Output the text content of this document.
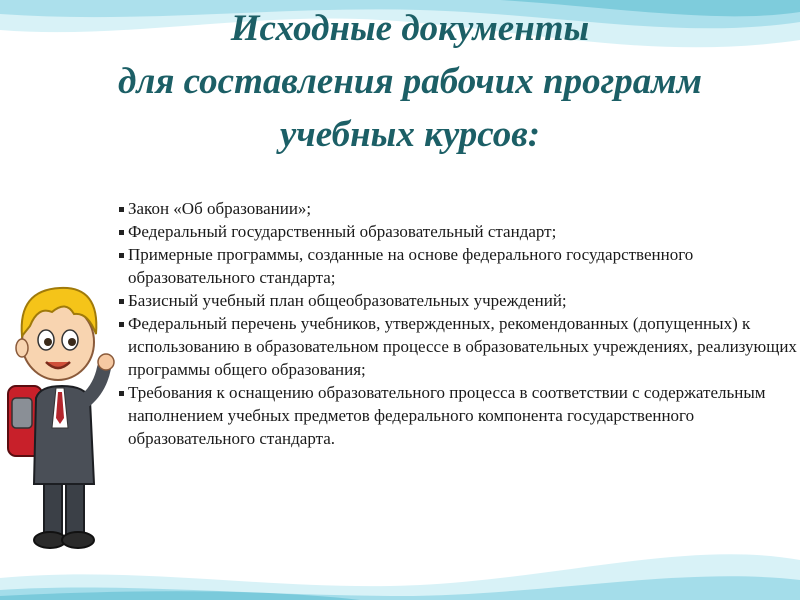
Исходные документы
для составления рабочих программ
учебных курсов:
Закон «Об образовании»;
Федеральный государственный образовательный стандарт;
Примерные программы, созданные на основе федерального государственного образовательного стандарта;
Базисный учебный план общеобразовательных учреждений;
Федеральный перечень учебников, утвержденных, рекомендованных (допущенных) к использованию в образовательном процессе в образовательных учреждениях, реализующих программы общего образования;
Требования к оснащению образовательного процесса в соответствии с содержательным наполнением учебных предметов федерального компонента государственного образовательного стандарта.
